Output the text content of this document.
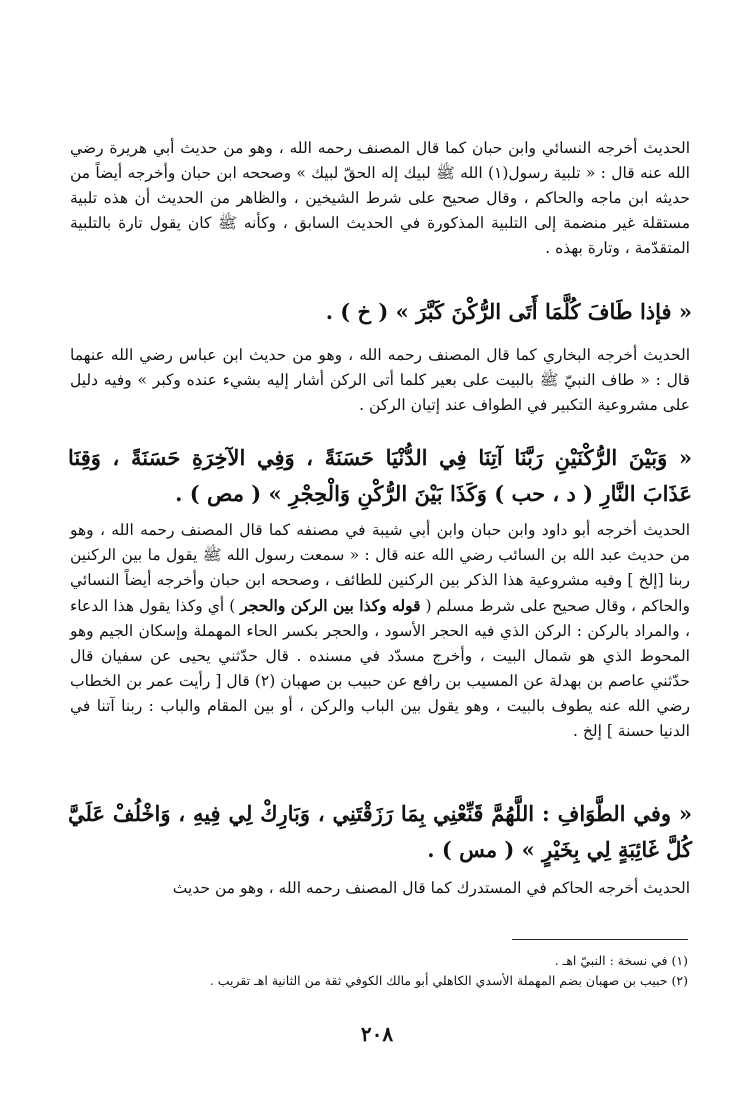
الحديث أخرجه النسائي وابن حبان كما قال المصنف رحمه الله ، وهو من حديث أبي هريرة رضي الله عنه قال : « تلبية رسول(١) الله ﷺ لبيك إله الحقّ لبيك » وصححه ابن حبان وأخرجه أيضاً من حديثه ابن ماجه والحاكم ، وقال صحيح على شرط الشيخين ، والظاهر من الحديث أن هذه تلبية مستقلة غير منضمة إلى التلبية المذكورة في الحديث السابق ، وكأنه ﷺ كان يقول تارة بالتلبية المتقدّمة ، وتارة بهذه .

« فإذا طَافَ كُلَّمَا أَتَى الرُّكْنَ كَبَّرَ » ( خ ) .

الحديث أخرجه البخاري كما قال المصنف رحمه الله ، وهو من حديث ابن عباس رضي الله عنهما قال : « طاف النبيّ ﷺ بالبيت على بعير كلما أتى الركن أشار إليه بشيء عنده وكبر » وفيه دليل على مشروعية التكبير في الطواف عند إتيان الركن .

« وَبَيْنَ الرُّكْنَيْنِ رَبَّنَا آتِنَا فِي الدُّنْيَا حَسَنَةً ، وَفِي الآخِرَةِ حَسَنَةً ، وَقِنَا عَذَابَ النَّارِ ( د ، حب ) وَكَذَا بَيْنَ الرُّكْنِ وَالْحِجْرِ » ( مص ) .

الحديث أخرجه أبو داود وابن حبان وابن أبي شيبة في مصنفه كما قال المصنف رحمه الله ، وهو من حديث عبد الله بن السائب رضي الله عنه قال : « سمعت رسول الله ﷺ يقول ما بين الركنين ربنا [إلخ ] وفيه مشروعية هذا الذكر بين الركنين للطائف ، وصححه ابن حبان وأخرجه أيضاً النسائي والحاكم ، وقال صحيح على شرط مسلم ( قوله وكذا بين الركن والحجر ) أي وكذا يقول هذا الدعاء ، والمراد بالركن : الركن الذي فيه الحجر الأسود ، والحجر بكسر الحاء المهملة وإسكان الجيم وهو المحوط الذي هو شمال البيت ، وأخرج مسدّد في مسنده . قال حدّثني يحيى عن سفيان قال حدّثني عاصم بن بهدلة عن المسيب بن رافع عن حبيب بن صهبان (٢) قال [ رأيت عمر بن الخطاب رضي الله عنه يطوف بالبيت ، وهو يقول بين الباب والركن ، أو بين المقام والباب : ربنا آتنا في الدنيا حسنة ] إلخ .

« وفي الطَّوَافِ : اللَّهُمَّ قَنِّعْنِي بِمَا رَزَقْتَنِي ، وَبَارِكْ لِي فِيهِ ، وَاخْلُفْ عَلَيَّ كُلَّ غَائِبَةٍ لِي بِخَيْرٍ » ( مس ) .

الحديث أخرجه الحاكم في المستدرك كما قال المصنف رحمه الله ، وهو من حديث

(١) في نسخة : النبيّ اهـ .

(٢) حبيب بن صهبان بضم المهملة الأسدي الكاهلي أبو مالك الكوفي ثقة من الثانية اهـ تقريب .

٢٠٨
